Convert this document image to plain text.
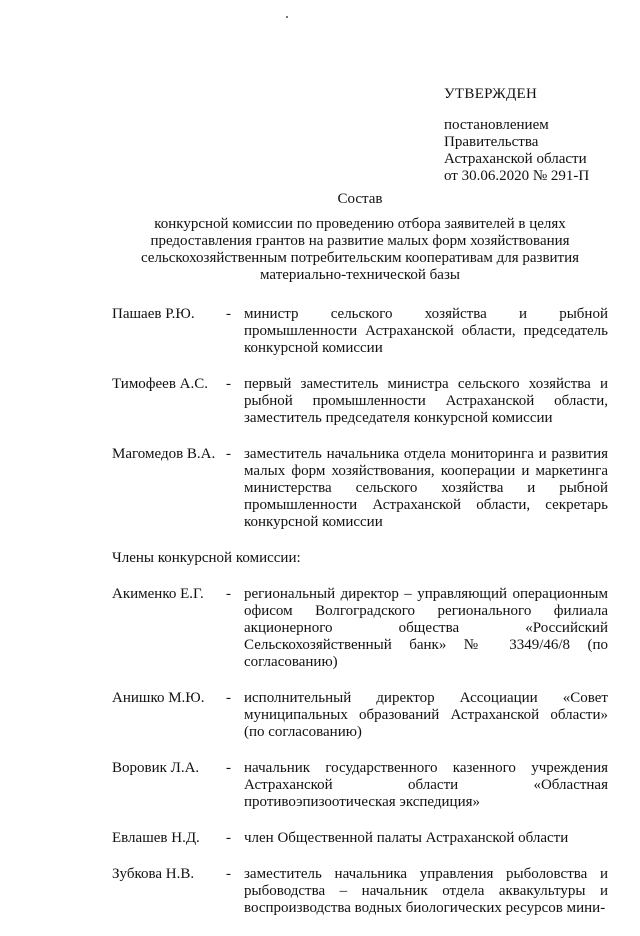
УТВЕРЖДЕН

постановлением

Правительства

Астраханской области

от 30.06.2020 № 291-П

Состав

конкурсной комиссии по проведению отбора заявителей в целях предоставления грантов на развитие малых форм хозяйствования сельскохозяйственным потребительским кооперативам для развития материально-технической базы

Пашаев Р.Ю.	- министр сельского хозяйства и рыбной промышленности Астраханской области, председатель конкурсной комиссии
Тимофеев А.С.	- первый заместитель министра сельского хозяйства и рыбной промышленности Астраханской области, заместитель председателя конкурсной комиссии
Магомедов В.А. - заместитель начальника отдела мониторинга и развития малых форм хозяйствования, кооперации и маркетинга министерства сельского хозяйства и рыбной промышленности Астраханской области, секретарь конкурсной комиссии

Члены конкурсной комиссии:

Акименко Е.Г.	- региональный директор – управляющий операционным офисом Волгоградского регионального филиала акционерного общества «Российский Сельскохозяйственный банк» № 3349/46/8 (по согласованию)
Анишко М.Ю.	- исполнительный директор Ассоциации «Совет муниципальных образований Астраханской области» (по согласованию)
Воровик Л.А.	- начальник государственного казенного учреждения Астраханской области «Областная противоэпизоотическая экспедиция»
Евлашев Н.Д.	- член Общественной палаты Астраханской области
Зубкова Н.В.	- заместитель начальника управления рыболовства и рыбоводства – начальник отдела аквакультуры и воспроизводства водных биологических ресурсов мини-
